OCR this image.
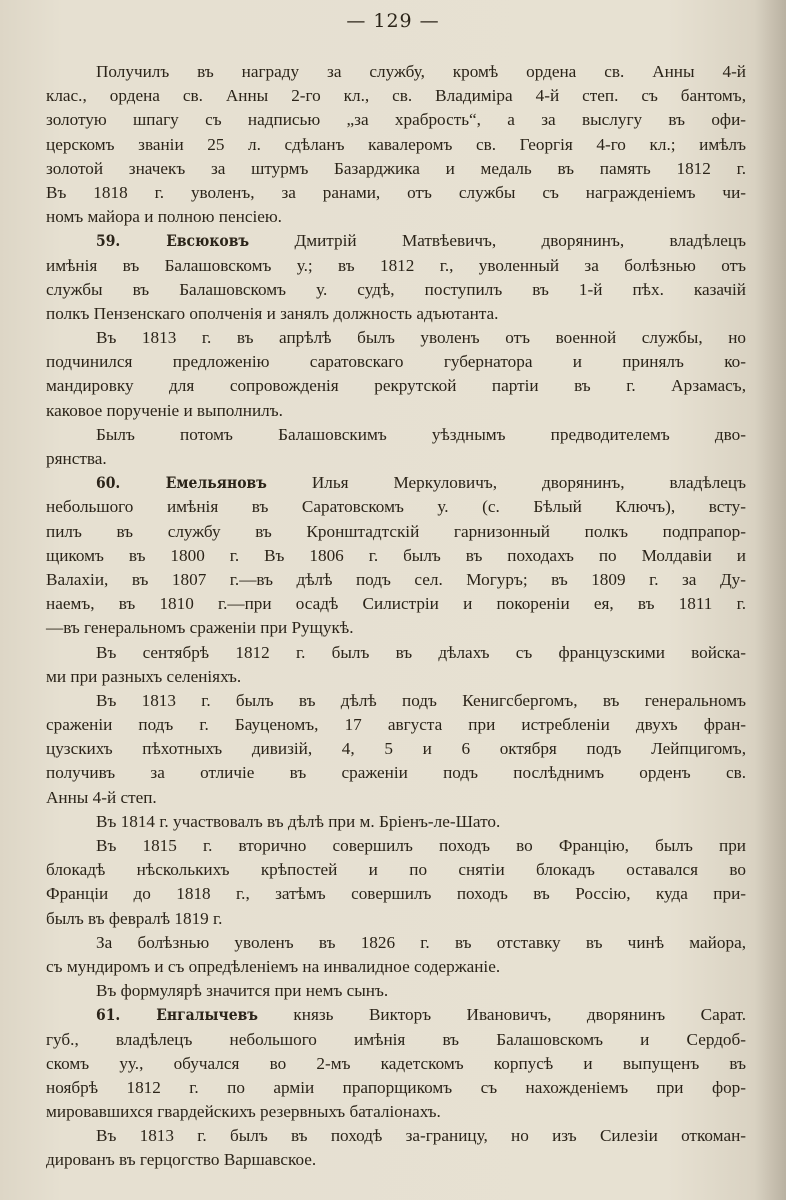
— 129 —
Получилъ въ награду за службу, кромѣ ордена св. Анны 4-й
клас., ордена св. Анны 2-го кл., св. Владиміра 4-й степ. съ бантомъ,
золотую шпагу съ надписью „за храбрость“, а за выслугу въ офи-
церскомъ званіи 25 л. сдѣланъ кавалеромъ св. Георгія 4-го кл.; имѣлъ
золотой значекъ за штурмъ Базарджика и медаль въ память 1812 г.
Въ 1818 г. уволенъ, за ранами, отъ службы съ награжденіемъ чи-
номъ майора и полною пенсіею.
59.	Евсюковъ	Дмитрій Матвѣевичъ, дворянинъ, владѣлецъ
имѣнія въ Балашовскомъ у.; въ 1812 г., уволенный за болѣзнью отъ
службы въ Балашовскомъ у. судѣ, поступилъ въ 1-й пѣх. казачій
полкъ Пензенскаго ополченія и занялъ должность адъютанта.
Въ 1813 г. въ апрѣлѣ былъ уволенъ отъ военной службы, но
подчинился предложенію саратовскаго губернатора и принялъ ко-
мандировку для сопровожденія рекрутской партіи въ г. Арзамасъ,
каковое порученіе и выполнилъ.
Былъ потомъ Балашовскимъ уѣзднымъ предводителемъ дво-
рянства.
60.	Емельяновъ	Илья Меркуловичъ, дворянинъ, владѣлецъ
небольшого имѣнія въ Саратовскомъ у. (с. Бѣлый Ключъ), всту-
пилъ въ службу въ Кронштадтскій гарнизонный полкъ подпрапор-
щикомъ въ 1800 г. Въ 1806 г. былъ въ походахъ по Молдавіи и
Валахіи, въ 1807 г.—въ дѣлѣ подъ сел. Могуръ; въ 1809 г. за Ду-
наемъ, въ 1810 г.—при осадѣ Силистріи и покореніи ея, въ 1811 г.
—въ генеральномъ сраженіи при Рущукѣ.
Въ сентябрѣ 1812 г. былъ въ дѣлахъ съ французскими войска-
ми при разныхъ селеніяхъ.
Въ 1813 г. былъ въ дѣлѣ подъ Кенигсбергомъ, въ генеральномъ
сраженіи подъ г. Бауценомъ, 17 августа при истребленіи двухъ фран-
цузскихъ пѣхотныхъ дивизій, 4, 5 и 6 октября подъ Лейпцигомъ,
получивъ за отличіе въ сраженіи подъ послѣднимъ орденъ св.
Анны 4-й степ.
Въ 1814 г. участвовалъ въ дѣлѣ при м. Бріенъ-ле-Шато.
Въ 1815 г. вторично совершилъ походъ во Францію, былъ при
блокадѣ нѣсколькихъ крѣпостей и по снятіи блокадъ оставался во
Франціи до 1818 г., затѣмъ совершилъ походъ въ Россію, куда при-
былъ въ февралѣ 1819 г.
За болѣзнью уволенъ въ 1826 г. въ отставку въ чинѣ майора,
съ мундиромъ и съ опредѣленіемъ на инвалидное содержаніе.
Въ формулярѣ значится при немъ сынъ.
61. Енгалычевъ князь Викторъ Ивановичъ, дворянинъ Сарат.
губ., владѣлецъ небольшого имѣнія въ Балашовскомъ и Сердоб-
скомъ уу., обучался во 2-мъ кадетскомъ корпусѣ и выпущенъ въ
ноябрѣ 1812 г. по арміи прапорщикомъ съ нахожденіемъ при фор-
мировавшихся гвардейскихъ резервныхъ баталіонахъ.
Въ 1813 г. былъ въ походѣ за-границу, но изъ Силезіи откоман-
дированъ въ герцогство Варшавское.
